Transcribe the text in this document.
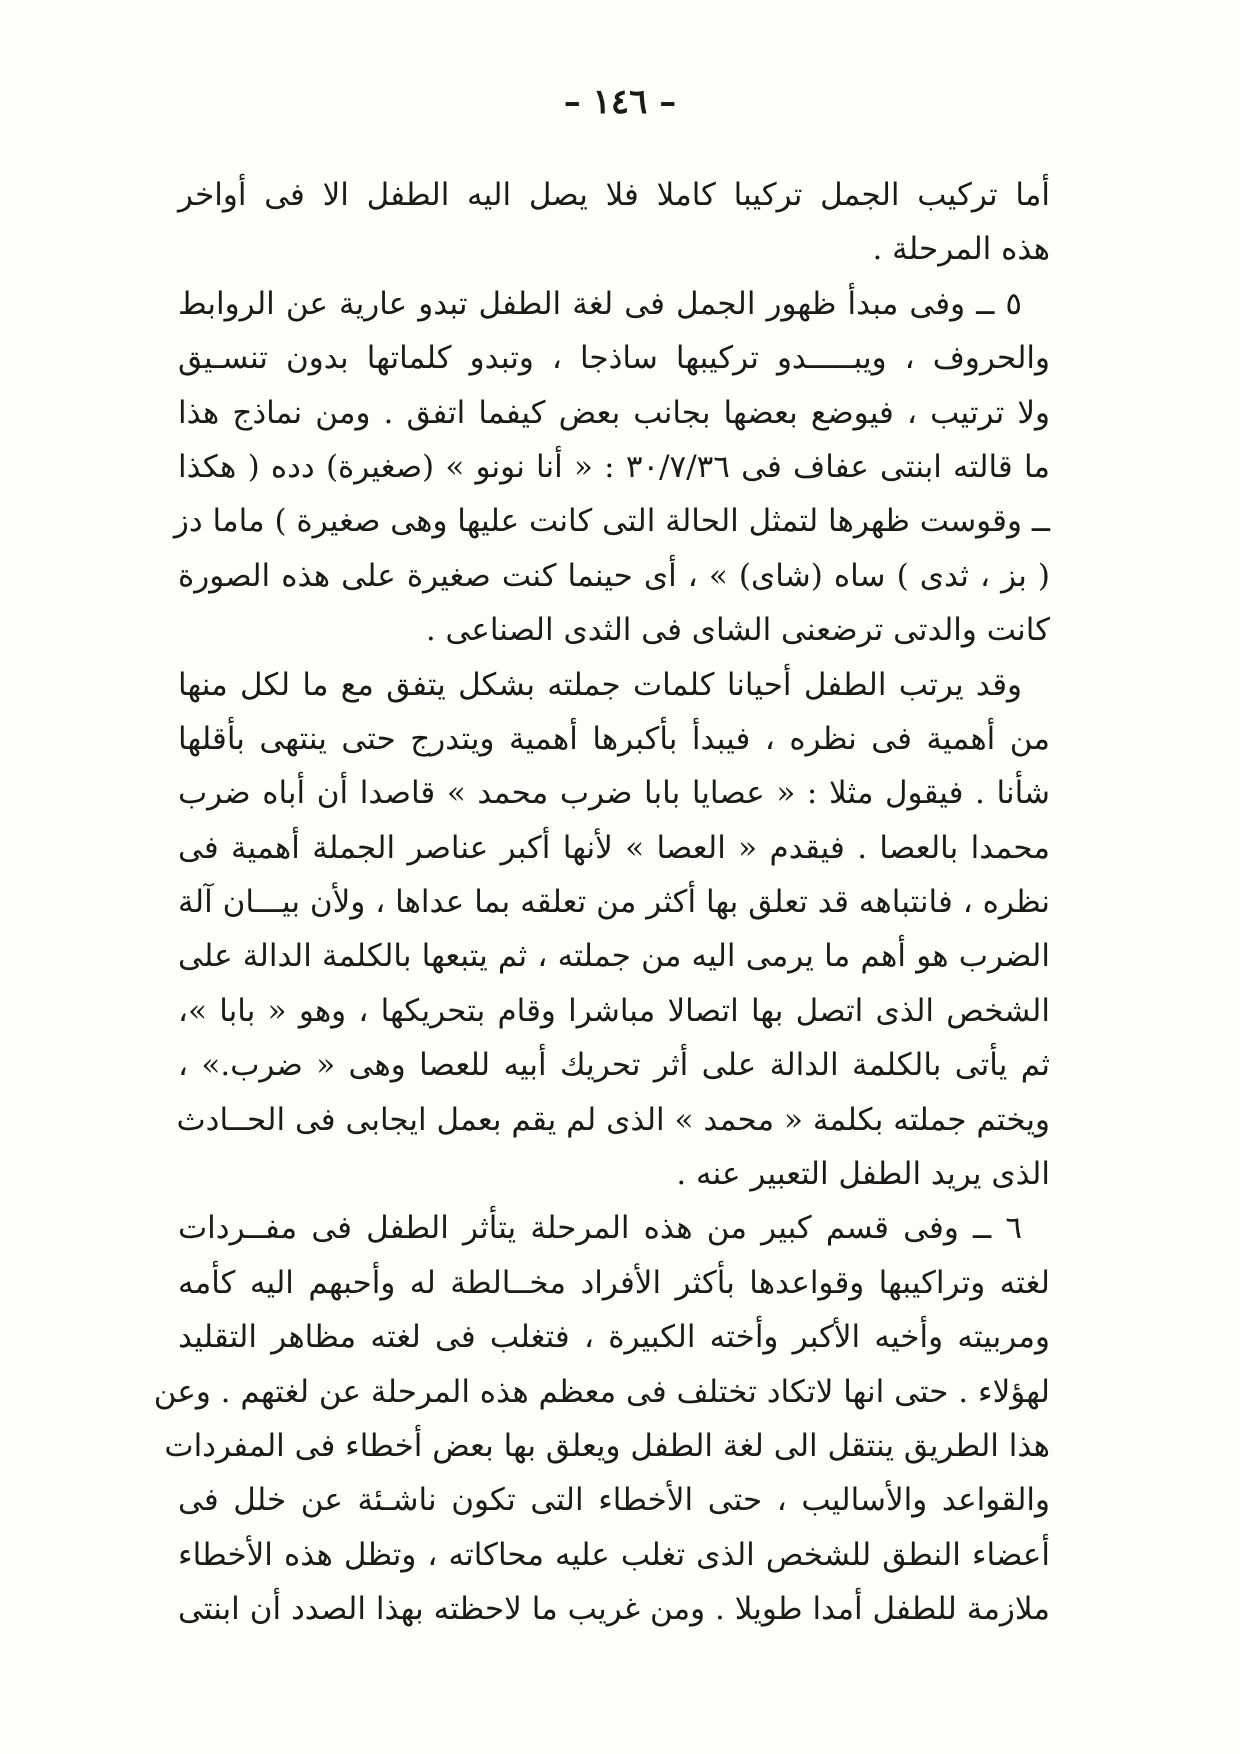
– ١٤٦ –
أما تركيب الجمل تركيبا كاملا فلا يصل اليه الطفل الا فى أواخر
هذه المرحلة .
٥ ــ وفى مبدأ ظهور الجمل فى لغة الطفل تبدو عارية عن الروابط
والحروف ، ويبـــــدو تركيبها ساذجا ، وتبدو كلماتها بدون تنسـيق
ولا ترتيب ، فيوضع بعضها بجانب بعض كيفما اتفق . ومن نماذج هذا
ما قالته ابنتى عفاف فى ٣٠/٧/٣٦ : « أنا نونو » (صغيرة) دده ( هكذا
ــ وقوست ظهرها لتمثل الحالة التى كانت عليها وهى صغيرة ) ماما دز
( بز ، ثدى ) ساه (شاى) » ، أى حينما كنت صغيرة على هذه الصورة
كانت والدتى ترضعنى الشاى فى الثدى الصناعى .
وقد يرتب الطفل أحيانا كلمات جملته بشكل يتفق مع ما لكل منها
من أهمية فى نظره ، فيبدأ بأكبرها أهمية ويتدرج حتى ينتهى بأقلها
شأنا . فيقول مثلا : « عصايا بابا ضرب محمد » قاصدا أن أباه ضرب
محمدا بالعصا . فيقدم « العصا » لأنها أكبر عناصر الجملة أهمية فى
نظره ، فانتباهه قد تعلق بها أكثر من تعلقه بما عداها ، ولأن بيـــان آلة
الضرب هو أهم ما يرمى اليه من جملته ، ثم يتبعها بالكلمة الدالة على
الشخص الذى اتصل بها اتصالا مباشرا وقام بتحريكها ، وهو « بابا »،
ثم يأتى بالكلمة الدالة على أثر تحريك أبيه للعصا وهى « ضرب.» ،
ويختم جملته بكلمة « محمد » الذى لم يقم بعمل ايجابى فى الحــادث
الذى يريد الطفل التعبير عنه .
٦ ــ وفى قسم كبير من هذه المرحلة يتأثر الطفل فى مفــردات
لغته وتراكيبها وقواعدها بأكثر الأفراد مخــالطة له وأحبهم اليه كأمه
ومربيته وأخيه الأكبر وأخته الكبيرة ، فتغلب فى لغته مظاهر التقليد
لهؤلاء . حتى انها لاتكاد تختلف فى معظم هذه المرحلة عن لغتهم . وعن
هذا الطريق ينتقل الى لغة الطفل ويعلق بها بعض أخطاء فى المفردات
والقواعد والأساليب ، حتى الأخطاء التى تكون ناشـئة عن خلل فى
أعضاء النطق للشخص الذى تغلب عليه محاكاته ، وتظل هذه الأخطاء
ملازمة للطفل أمدا طويلا . ومن غريب ما لاحظته بهذا الصدد أن ابنتى
